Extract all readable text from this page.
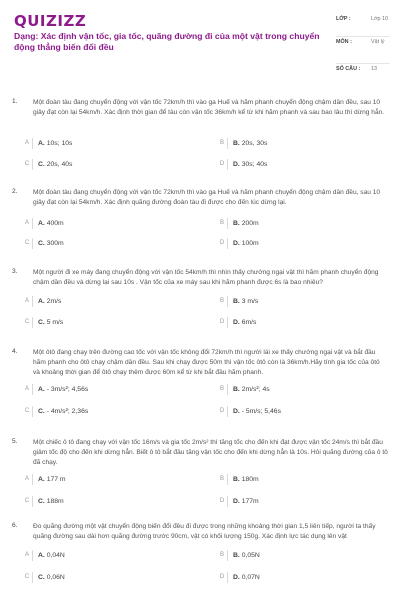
QUIZIZZ
Dạng: Xác định vận tốc, gia tốc, quãng đường đi của một vật trong chuyển động thẳng biến đổi đều
LỚP :	Lớp 10
MÔN :	Vật lý
SỐ CÂU : 13
1. Một đoàn tàu đang chuyển động với vận tốc 72km/h thì vào ga Huế và hãm phanh chuyển động chậm dần đều, sau 10 giây đạt còn lại 54km/h. Xác định thời gian để tàu còn vận tốc 36km/h kể từ khi hãm phanh và sau bao lâu thì dừng hẳn.
A	A. 10s; 10s	B	B. 20s, 30s
C	C. 20s, 40s	D	D. 30s; 40s
2. Một đoàn tàu đang chuyển động với vận tốc 72km/h thì vào ga Huế và hãm phanh chuyển động chậm dần đều, sau 10 giây đạt còn lại 54km/h. Xác định quãng đường đoàn tàu đi được cho đến lúc dừng lại.
A	A. 400m	B	B. 200m
C	C. 300m	D	D. 100m
3. Một người đi xe máy đang chuyển động với vận tốc 54km/h thì nhìn thấy chướng ngại vật thì hãm phanh chuyển động chậm dần đều và dừng lại sau 10s . Vận tốc của xe máy sau khi hãm phanh được 6s là bao nhiêu?
A	A. 2m/s	B	B. 3 m/s
C	C. 5 m/s	D	D. 6m/s
4. Một ôtô đang chạy trên đường cao tốc với vận tốc không đổi 72km/h thì người lái xe thấy chướng ngại vật và bắt đầu hãm phanh cho ôtô chạy chậm dần đều. Sau khi chạy được 50m thì vận tốc ôtô còn là 36km/h.Hãy tính gia tốc của ôtô và khoảng thời gian để ôtô chạy thêm được 60m kể từ khi bắt đầu hãm phanh.
A	A. - 3m/s²; 4,56s	B	B. 2m/s²; 4s
C	C. - 4m/s²; 2,36s	D	D. - 5m/s; 5,46s
5. Một chiếc ô tô đang chạy với vận tốc 16m/s và gia tốc 2m/s² thì tăng tốc cho đến khi đạt được vận tốc 24m/s thì bắt đầu giảm tốc độ cho đến khi dừng hẳn. Biết ô tô bắt đầu tăng vận tốc cho đến khi dừng hẳn là 10s. Hỏi quãng đường của ô tô đã chạy.
A	A. 177 m	B	B. 180m
C	C. 188m	D	D. 177m
6. Đo quãng đường một vật chuyển động biến đổi đều đi được trong những khoảng thời gian 1,5 liên tiếp, người ta thấy quãng đường sau dài hơn quãng đường trước 90cm, vật có khối lượng 150g. Xác định lực tác dụng lên vật
A	A. 0,04N	B	B. 0,05N
C	C. 0,06N	D	D. 0,07N
